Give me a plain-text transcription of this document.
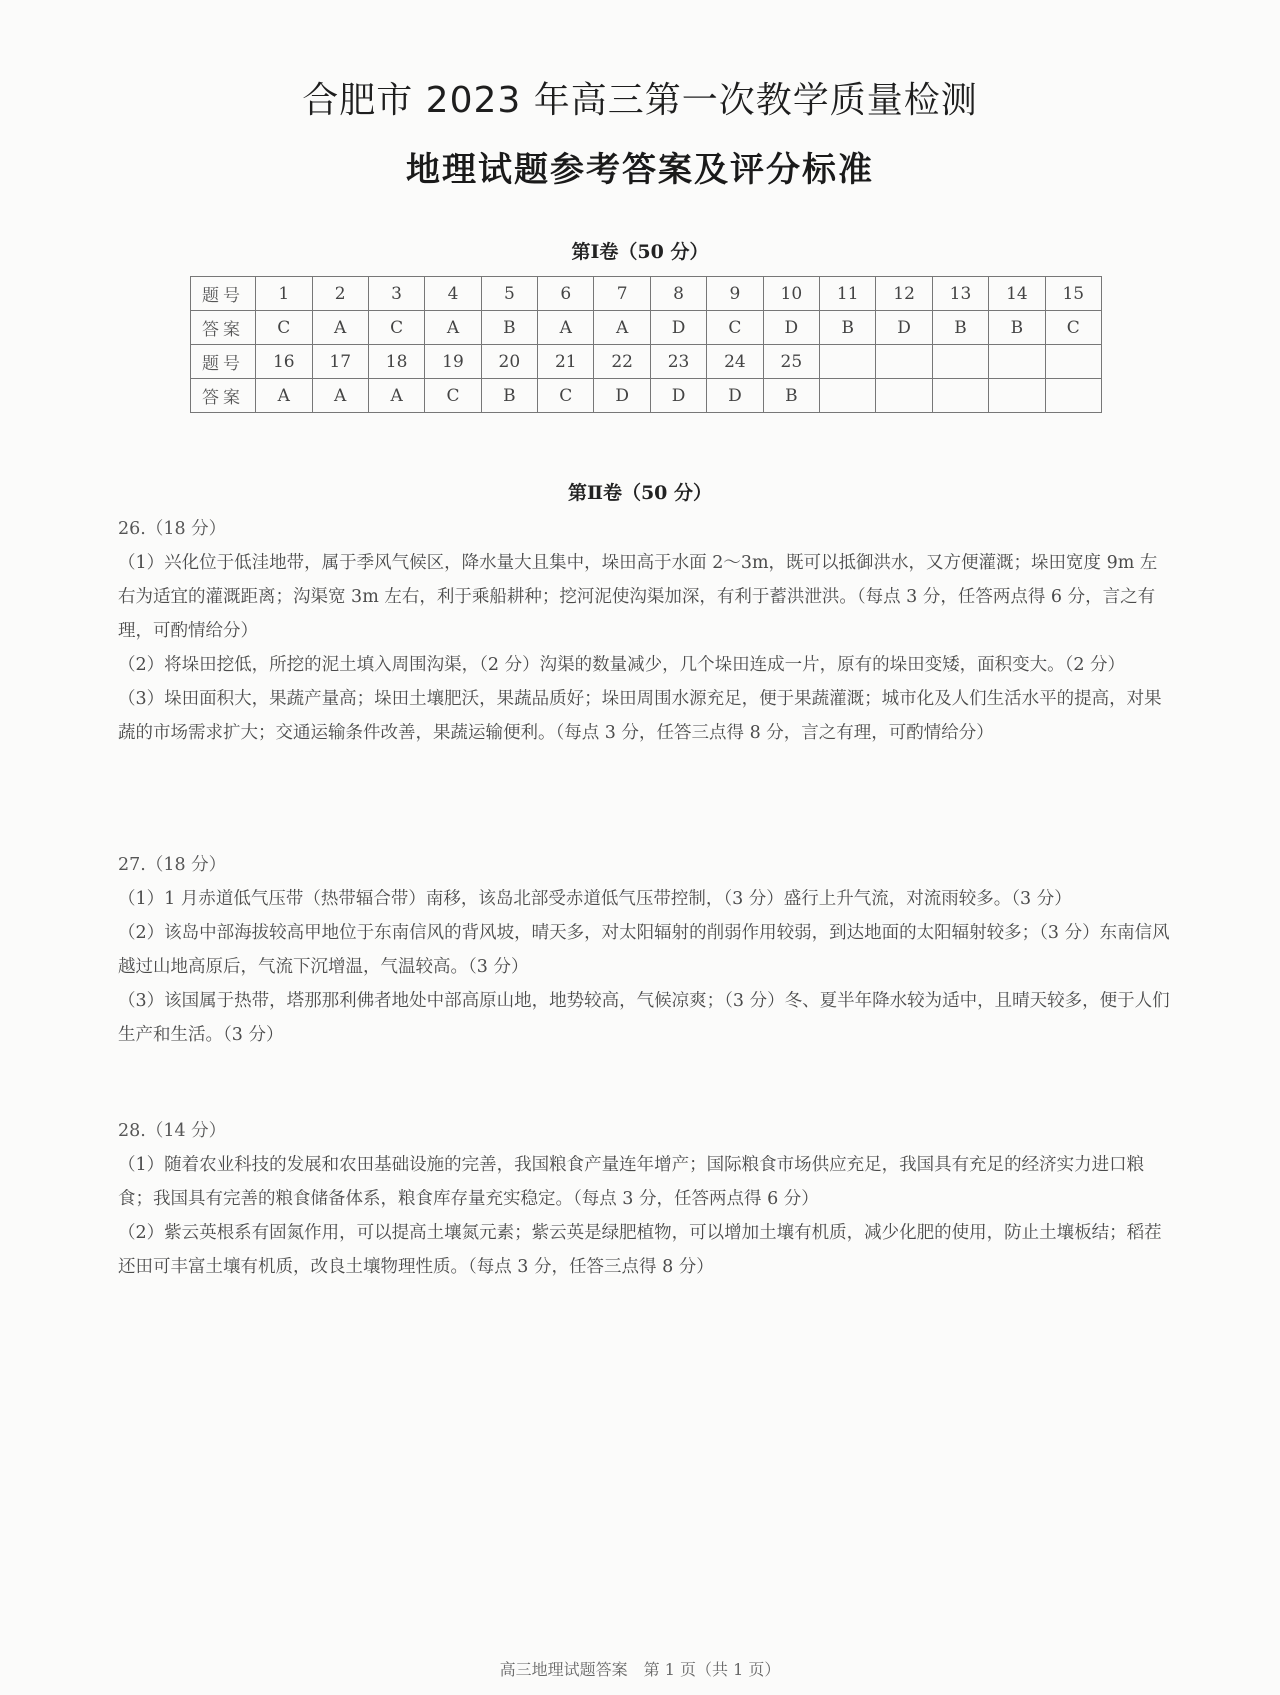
合肥市 2023 年高三第一次教学质量检测
地理试题参考答案及评分标准
第Ⅰ卷（50 分）
题号	1	2	3	4	5	6	7	8	9	10	11	12	13	14	15
答案	C	A	C	A	B	A	A	D	C	D	B	D	B	B	C
题号	16	17	18	19	20	21	22	23	24	25					
答案	A	A	A	C	B	C	D	D	D	B					
第Ⅱ卷（50 分）

26.（18 分）

（1）兴化位于低洼地带，属于季风气候区，降水量大且集中，垛田高于水面 2～3m，既可以抵御洪水，又方便灌溉；垛田宽度 9m 左右为适宜的灌溉距离；沟渠宽 3m 左右，利于乘船耕种；挖河泥使沟渠加深，有利于蓄洪泄洪。（每点 3 分，任答两点得 6 分，言之有理，可酌情给分）

（2）将垛田挖低，所挖的泥土填入周围沟渠，（2 分）沟渠的数量减少，几个垛田连成一片，原有的垛田变矮，面积变大。（2 分）

（3）垛田面积大，果蔬产量高；垛田土壤肥沃，果蔬品质好；垛田周围水源充足，便于果蔬灌溉；城市化及人们生活水平的提高，对果蔬的市场需求扩大；交通运输条件改善，果蔬运输便利。（每点 3 分，任答三点得 8 分，言之有理，可酌情给分）

27.（18 分）

（1）1 月赤道低气压带（热带辐合带）南移，该岛北部受赤道低气压带控制，（3 分）盛行上升气流，对流雨较多。（3 分）

（2）该岛中部海拔较高甲地位于东南信风的背风坡，晴天多，对太阳辐射的削弱作用较弱，到达地面的太阳辐射较多；（3 分）东南信风越过山地高原后，气流下沉增温，气温较高。（3 分）

（3）该国属于热带，塔那那利佛者地处中部高原山地，地势较高，气候凉爽；（3 分）冬、夏半年降水较为适中，且晴天较多，便于人们生产和生活。（3 分）

28.（14 分）

（1）随着农业科技的发展和农田基础设施的完善，我国粮食产量连年增产；国际粮食市场供应充足，我国具有充足的经济实力进口粮食；我国具有完善的粮食储备体系，粮食库存量充实稳定。（每点 3 分，任答两点得 6 分）

（2）紫云英根系有固氮作用，可以提高土壤氮元素；紫云英是绿肥植物，可以增加土壤有机质，减少化肥的使用，防止土壤板结；稻茬还田可丰富土壤有机质，改良土壤物理性质。（每点 3 分，任答三点得 8 分）

高三地理试题答案　第 1 页（共 1 页）
